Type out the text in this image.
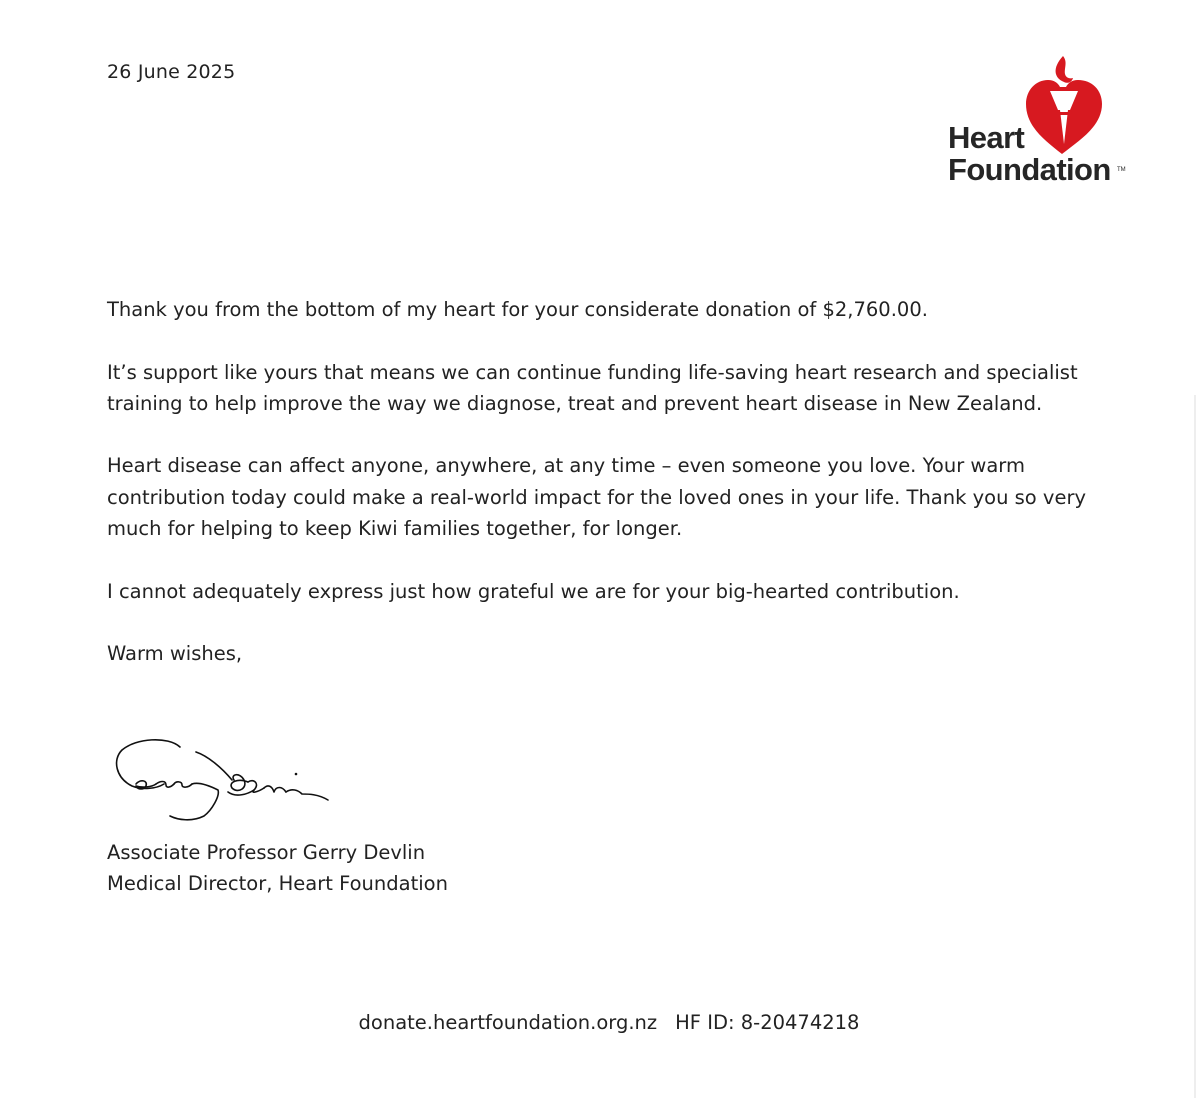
26 June 2025
Heart
Foundation TM

Thank you from the bottom of my heart for your considerate donation of $2,760.00.

It’s support like yours that means we can continue funding life-saving heart research and specialist training to help improve the way we diagnose, treat and prevent heart disease in New Zealand.

Heart disease can affect anyone, anywhere, at any time – even someone you love. Your warm contribution today could make a real-world impact for the loved ones in your life. Thank you so very much for helping to keep Kiwi families together, for longer.

I cannot adequately express just how grateful we are for your big-hearted contribution.

Warm wishes,

Associate Professor Gerry Devlin
Medical Director, Heart Foundation
donate.heartfoundation.org.nz HF ID: 8-20474218
